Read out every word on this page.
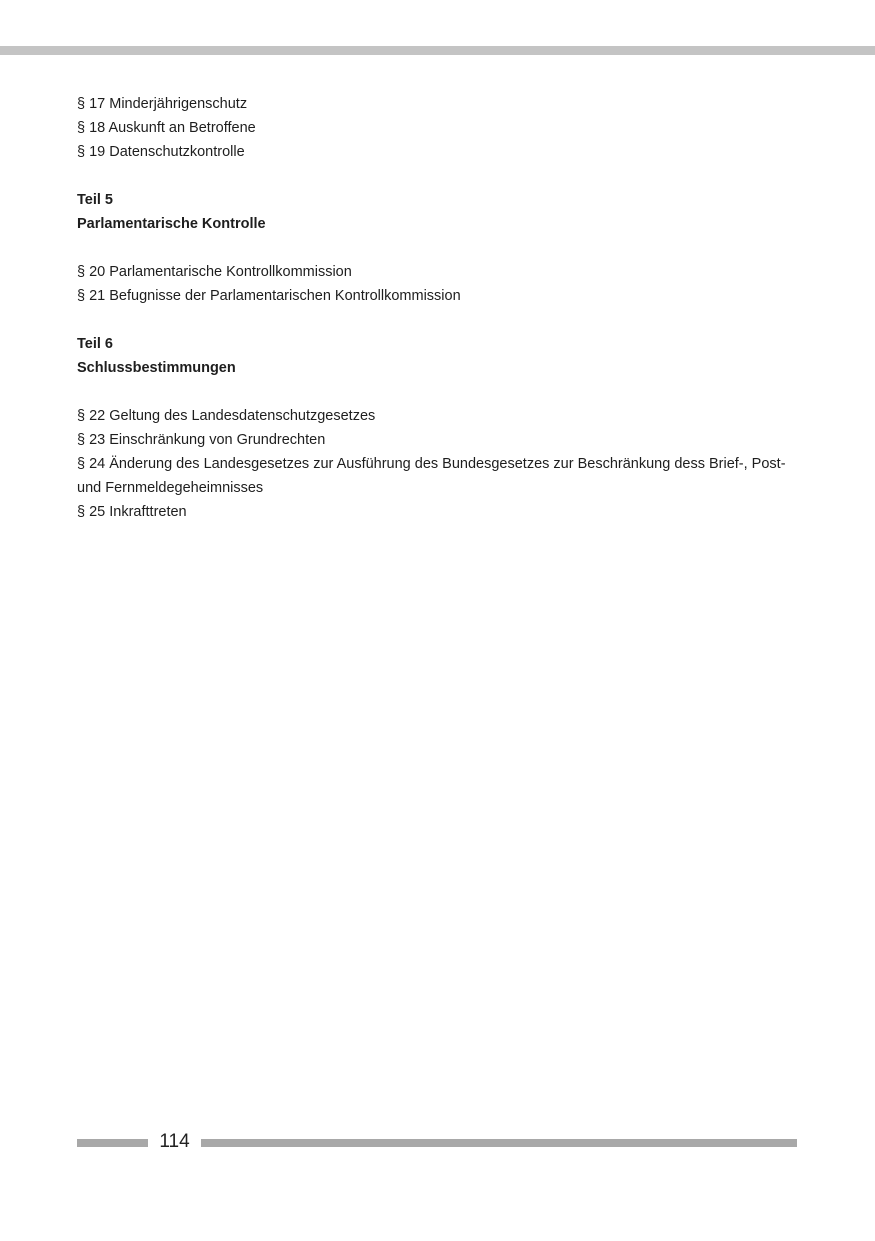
§ 17 Minderjährigenschutz
§ 18 Auskunft an Betroffene
§ 19 Datenschutzkontrolle
Teil 5
Parlamentarische Kontrolle
§ 20 Parlamentarische Kontrollkommission
§ 21 Befugnisse der Parlamentarischen Kontrollkommission
Teil 6
Schlussbestimmungen
§ 22 Geltung des Landesdatenschutzgesetzes
§ 23 Einschränkung von Grundrechten
§ 24 Änderung des Landesgesetzes zur Ausführung des Bundesgesetzes zur Beschränkung dess Brief-, Post- und Fernmeldegeheimnisses
§ 25 Inkrafttreten
114
